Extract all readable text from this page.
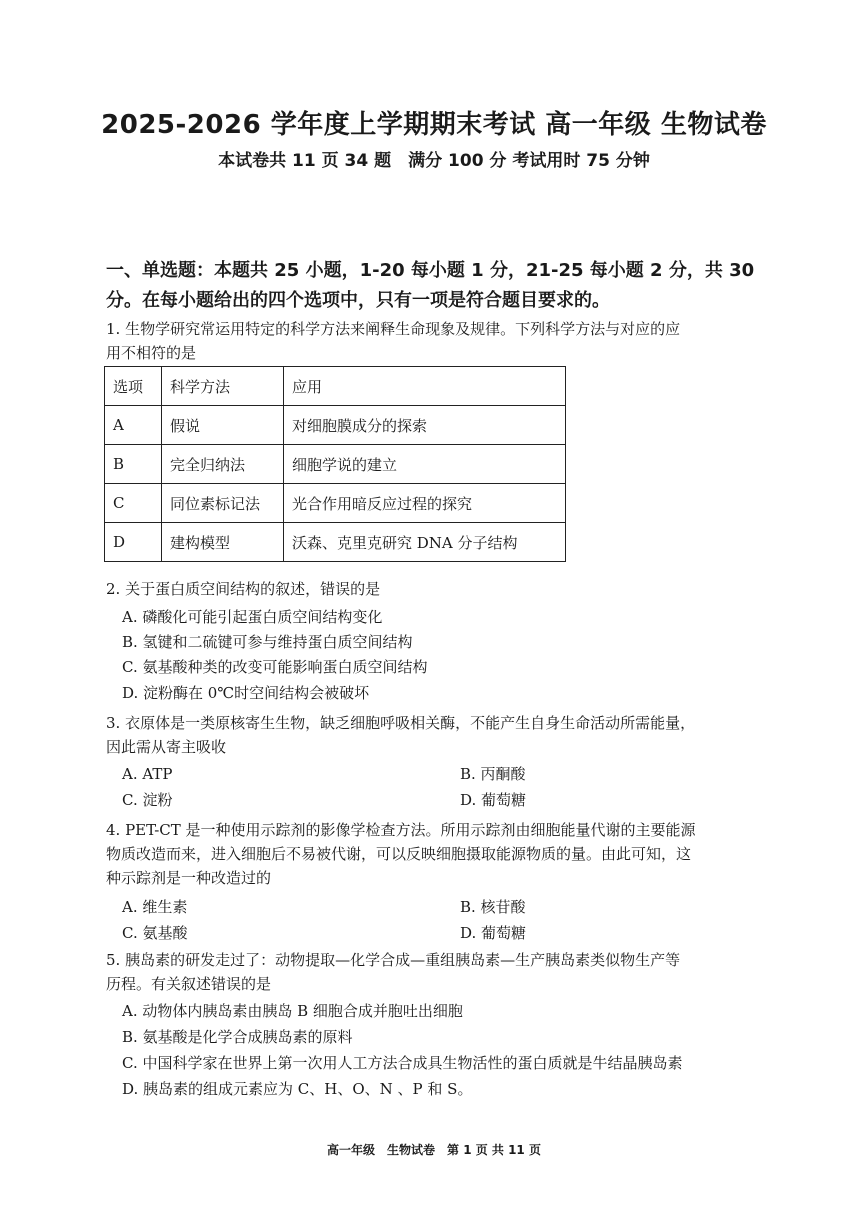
2025-2026 学年度上学期期末考试 高一年级 生物试卷
本试卷共 11 页 34 题　满分 100 分 考试用时 75 分钟
一、单选题：本题共 25 小题，1-20 每小题 1 分，21-25 每小题 2 分，共 30
分。在每小题给出的四个选项中，只有一项是符合题目要求的。
1. 生物学研究常运用特定的科学方法来阐释生命现象及规律。下列科学方法与对应的应
用不相符的是
选项	科学方法	应用
A	假说	对细胞膜成分的探索
B	完全归纳法	细胞学说的建立
C	同位素标记法	光合作用暗反应过程的探究
D	建构模型	沃森、克里克研究 DNA 分子结构
2. 关于蛋白质空间结构的叙述，错误的是
A. 磷酸化可能引起蛋白质空间结构变化
B. 氢键和二硫键可参与维持蛋白质空间结构
C. 氨基酸种类的改变可能影响蛋白质空间结构
D. 淀粉酶在 0℃时空间结构会被破坏
3. 衣原体是一类原核寄生生物，缺乏细胞呼吸相关酶，不能产生自身生命活动所需能量，
因此需从寄主吸收
A. ATP	B. 丙酮酸
C. 淀粉	D. 葡萄糖
4. PET-CT 是一种使用示踪剂的影像学检查方法。所用示踪剂由细胞能量代谢的主要能源
物质改造而来，进入细胞后不易被代谢，可以反映细胞摄取能源物质的量。由此可知，这
种示踪剂是一种改造过的
A. 维生素	B. 核苷酸
C. 氨基酸	D. 葡萄糖
5. 胰岛素的研发走过了：动物提取—化学合成—重组胰岛素—生产胰岛素类似物生产等
历程。有关叙述错误的是
A. 动物体内胰岛素由胰岛 B 细胞合成并胞吐出细胞
B. 氨基酸是化学合成胰岛素的原料
C. 中国科学家在世界上第一次用人工方法合成具生物活性的蛋白质就是牛结晶胰岛素
D. 胰岛素的组成元素应为 C、H、O、N 、P 和 S。
高一年级　生物试卷　第 1 页 共 11 页
